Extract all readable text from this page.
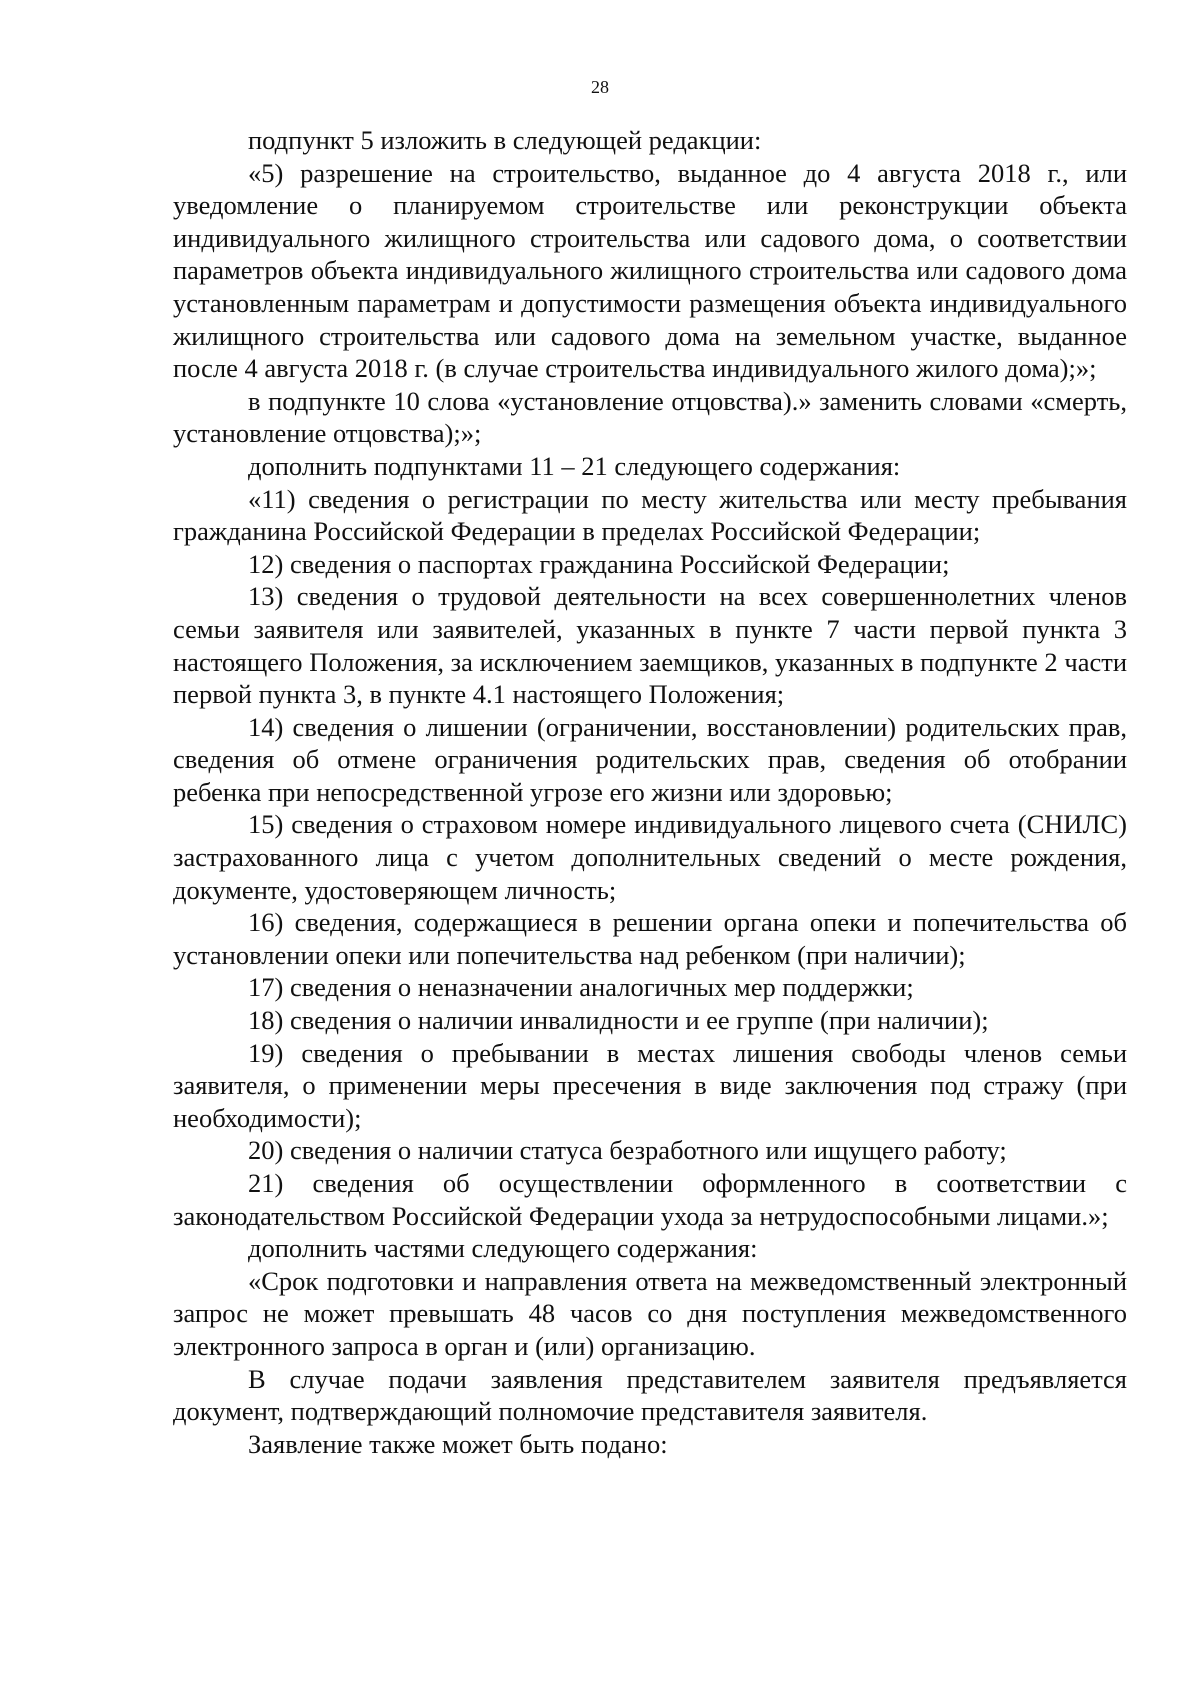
28

подпункт 5 изложить в следующей редакции:

«5) разрешение на строительство, выданное до 4 августа 2018 г., или уведомление о планируемом строительстве или реконструкции объекта индивидуального жилищного строительства или садового дома, о соответствии параметров объекта индивидуального жилищного строительства или садового дома установленным параметрам и допустимости размещения объекта индивидуального жилищного строительства или садового дома на земельном участке, выданное после 4 августа 2018 г. (в случае строительства индивидуального жилого дома);»;

в подпункте 10 слова «установление отцовства).» заменить словами «смерть, установление отцовства);»;

дополнить подпунктами 11 – 21 следующего содержания:

«11) сведения о регистрации по месту жительства или месту пребывания гражданина Российской Федерации в пределах Российской Федерации;

12) сведения о паспортах гражданина Российской Федерации;

13) сведения о трудовой деятельности на всех совершеннолетних членов семьи заявителя или заявителей, указанных в пункте 7 части первой пункта 3 настоящего Положения, за исключением заемщиков, указанных в подпункте 2 части первой пункта 3, в пункте 4.1 настоящего Положения;

14) сведения о лишении (ограничении, восстановлении) родительских прав, сведения об отмене ограничения родительских прав, сведения об отобрании ребенка при непосредственной угрозе его жизни или здоровью;

15) сведения о страховом номере индивидуального лицевого счета (СНИЛС) застрахованного лица с учетом дополнительных сведений о месте рождения, документе, удостоверяющем личность;

16) сведения, содержащиеся в решении органа опеки и попечительства об установлении опеки или попечительства над ребенком (при наличии);

17) сведения о неназначении аналогичных мер поддержки;

18) сведения о наличии инвалидности и ее группе (при наличии);

19) сведения о пребывании в местах лишения свободы членов семьи заявителя, о применении меры пресечения в виде заключения под стражу (при необходимости);

20) сведения о наличии статуса безработного или ищущего работу;

21) сведения об осуществлении оформленного в соответствии с законодательством Российской Федерации ухода за нетрудоспособными лицами.»;

дополнить частями следующего содержания:

«Срок подготовки и направления ответа на межведомственный электронный запрос не может превышать 48 часов со дня поступления межведомственного электронного запроса в орган и (или) организацию.

В случае подачи заявления представителем заявителя предъявляется документ, подтверждающий полномочие представителя заявителя.

Заявление также может быть подано:
